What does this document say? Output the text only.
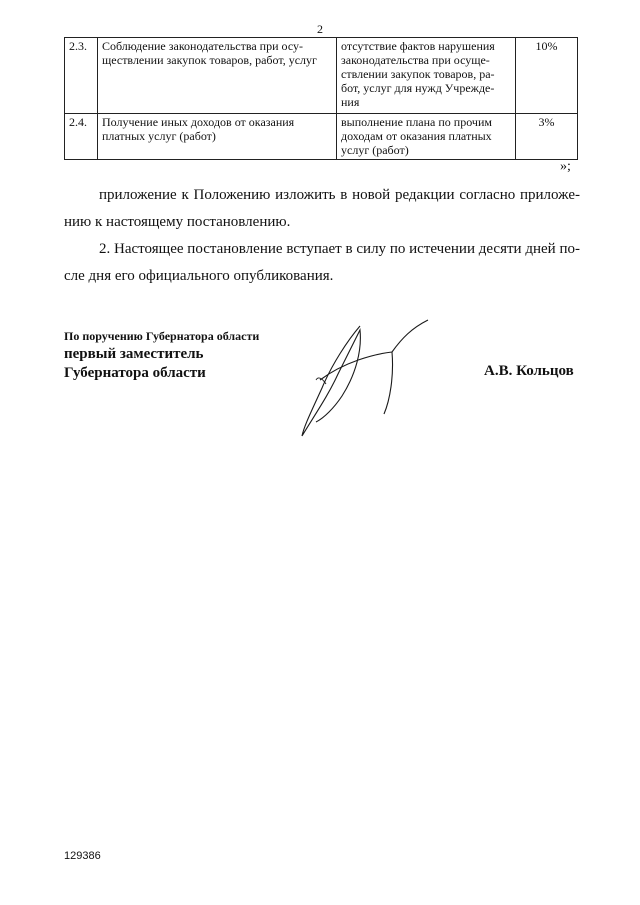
2
2.3.	Соблюдение законодательства при осу-ществлении закупок товаров, работ, услуг	отсутствие фактов нарушения законодательства при осуще-ствлении закупок товаров, ра-бот, услуг для нужд Учрежде-ния	10%
2.4.	Получение иных доходов от оказания платных услуг (работ)	выполнение плана по прочим доходам от оказания платных услуг (работ)	3%
»;
приложение к Положению изложить в новой редакции согласно приложе-нию к настоящему постановлению.
2. Настоящее постановление вступает в силу по истечении десяти дней по-сле дня его официального опубликования.
По поручению Губернатора области
первый заместитель
Губернатора области	А.В. Кольцов
129386
